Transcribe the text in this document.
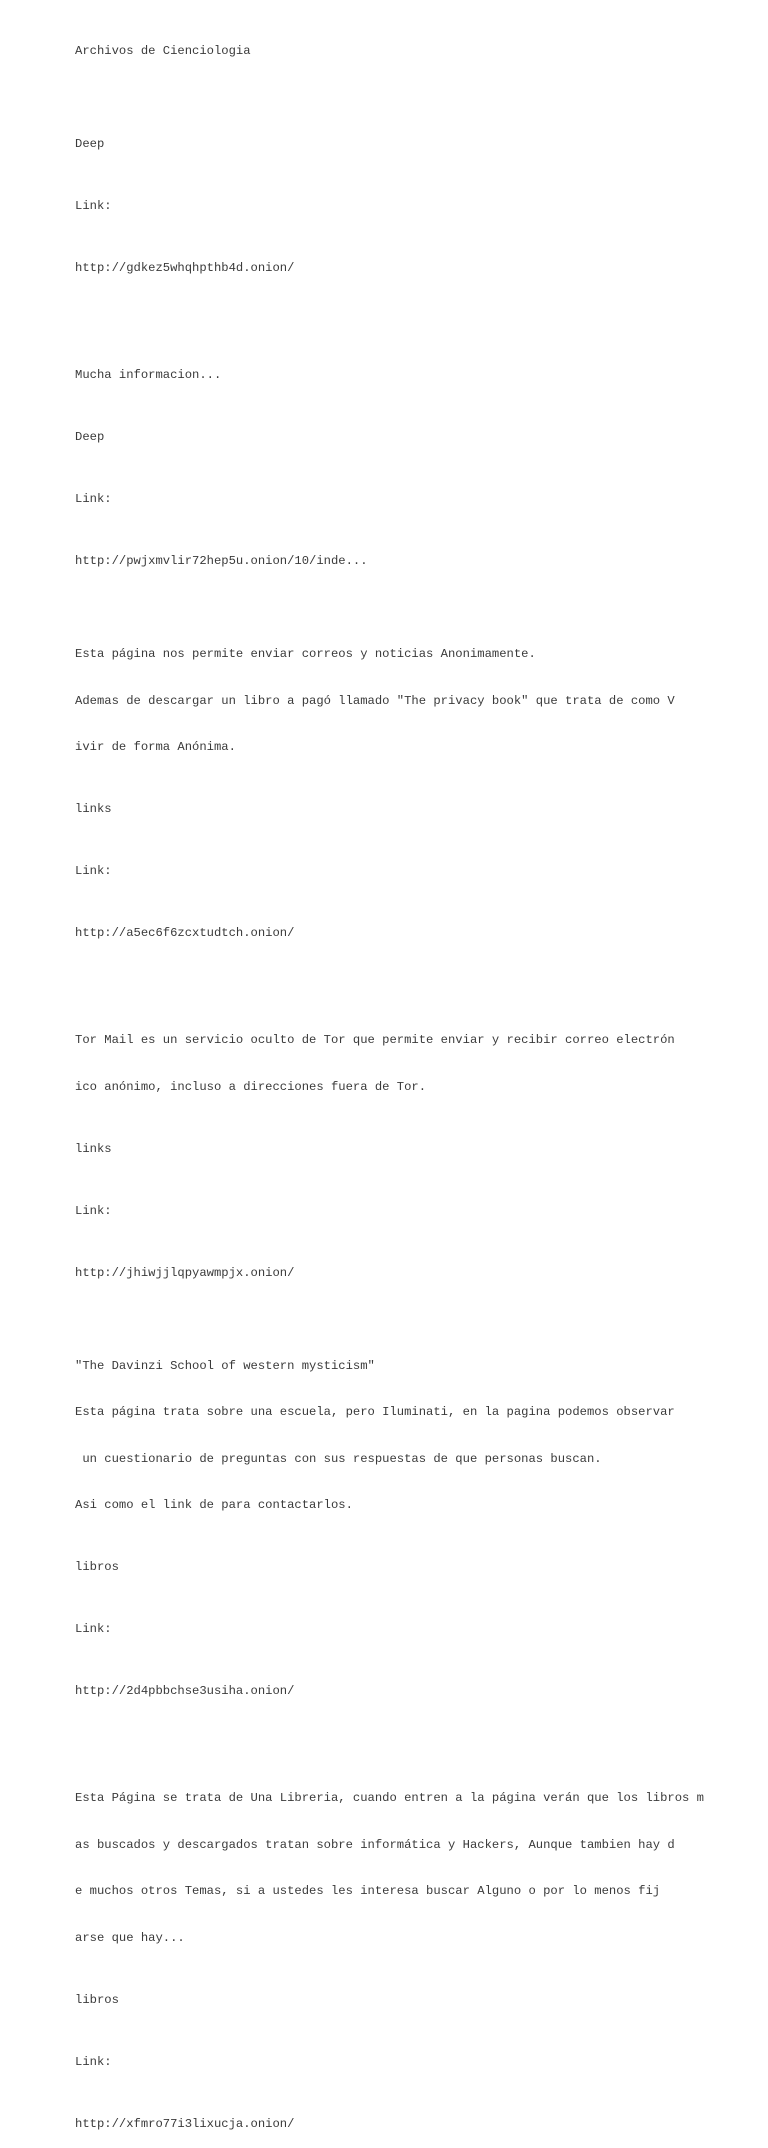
Archivos de Cienciologia

Deep

Link:

http://gdkez5whqhpthb4d.onion/

Mucha informacion...

Deep

Link:

http://pwjxmvlir72hep5u.onion/10/inde...

Esta página nos permite enviar correos y noticias Anonimamente.

Ademas de descargar un libro a pagó llamado "The privacy book" que trata de como V

ivir de forma Anónima.

links

Link:

http://a5ec6f6zcxtudtch.onion/

Tor Mail es un servicio oculto de Tor que permite enviar y recibir correo electrón

ico anónimo, incluso a direcciones fuera de Tor.

links

Link:

http://jhiwjjlqpyawmpjx.onion/

"The Davinzi School of western mysticism"

Esta página trata sobre una escuela, pero Iluminati, en la pagina podemos observar

un cuestionario de preguntas con sus respuestas de que personas buscan.

Asi como el link de para contactarlos.

libros

Link:

http://2d4pbbchse3usiha.onion/

Esta Página se trata de Una Libreria, cuando entren a la página verán que los libros m

as buscados y descargados tratan sobre informática y Hackers, Aunque tambien hay d

e muchos otros Temas, si a ustedes les interesa buscar Alguno o por lo menos fij

arse que hay...

libros

Link:

http://xfmro77i3lixucja.onion/
